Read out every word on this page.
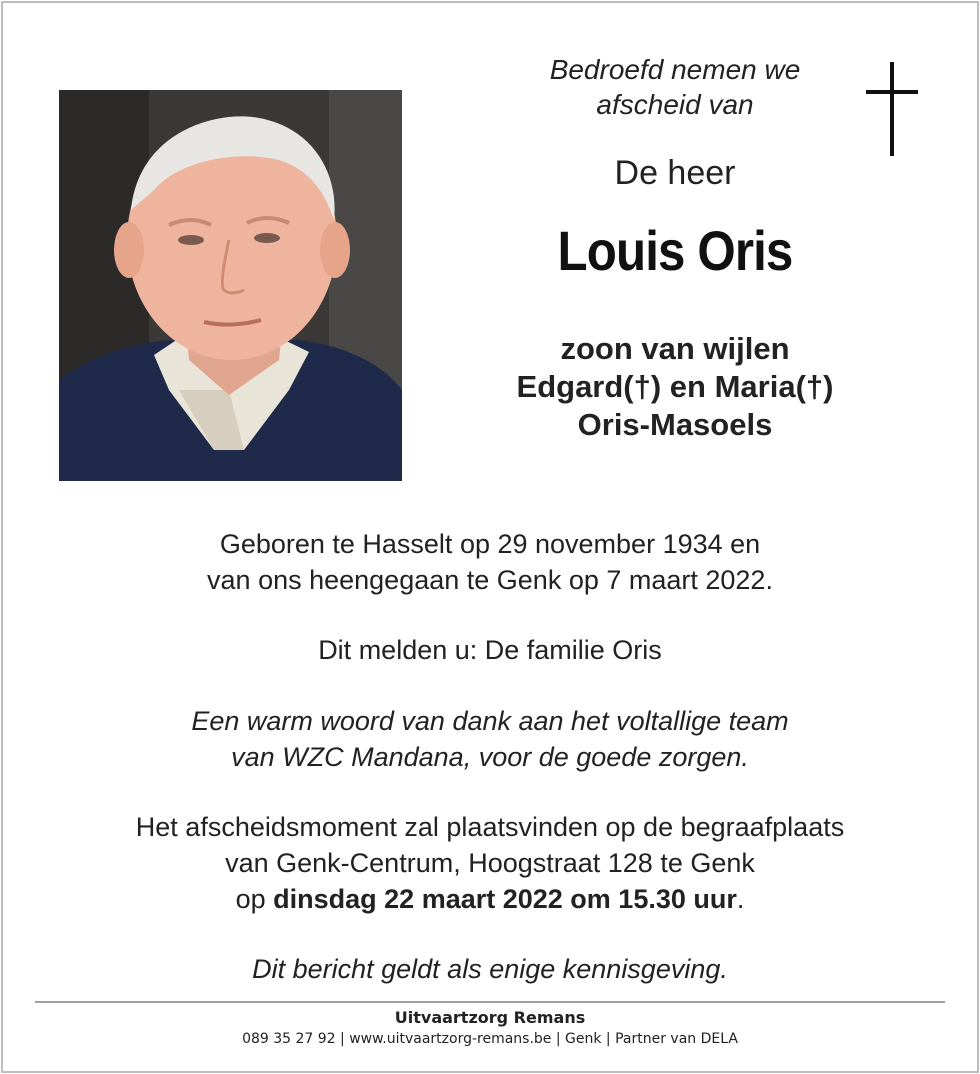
Bedroefd nemen we
afscheid van
De heer
Louis Oris
zoon van wijlen
Edgard(†) en Maria(†)
Oris-Masoels
Geboren te Hasselt op 29 november 1934 en
van ons heengegaan te Genk op 7 maart 2022.
Dit melden u: De familie Oris
Een warm woord van dank aan het voltallige team
van WZC Mandana, voor de goede zorgen.
Het afscheidsmoment zal plaatsvinden op de begraafplaats
van Genk-Centrum, Hoogstraat 128 te Genk
op dinsdag 22 maart 2022 om 15.30 uur.
Dit bericht geldt als enige kennisgeving.
Uitvaartzorg Remans
089 35 27 92 | www.uitvaartzorg-remans.be | Genk | Partner van DELA
